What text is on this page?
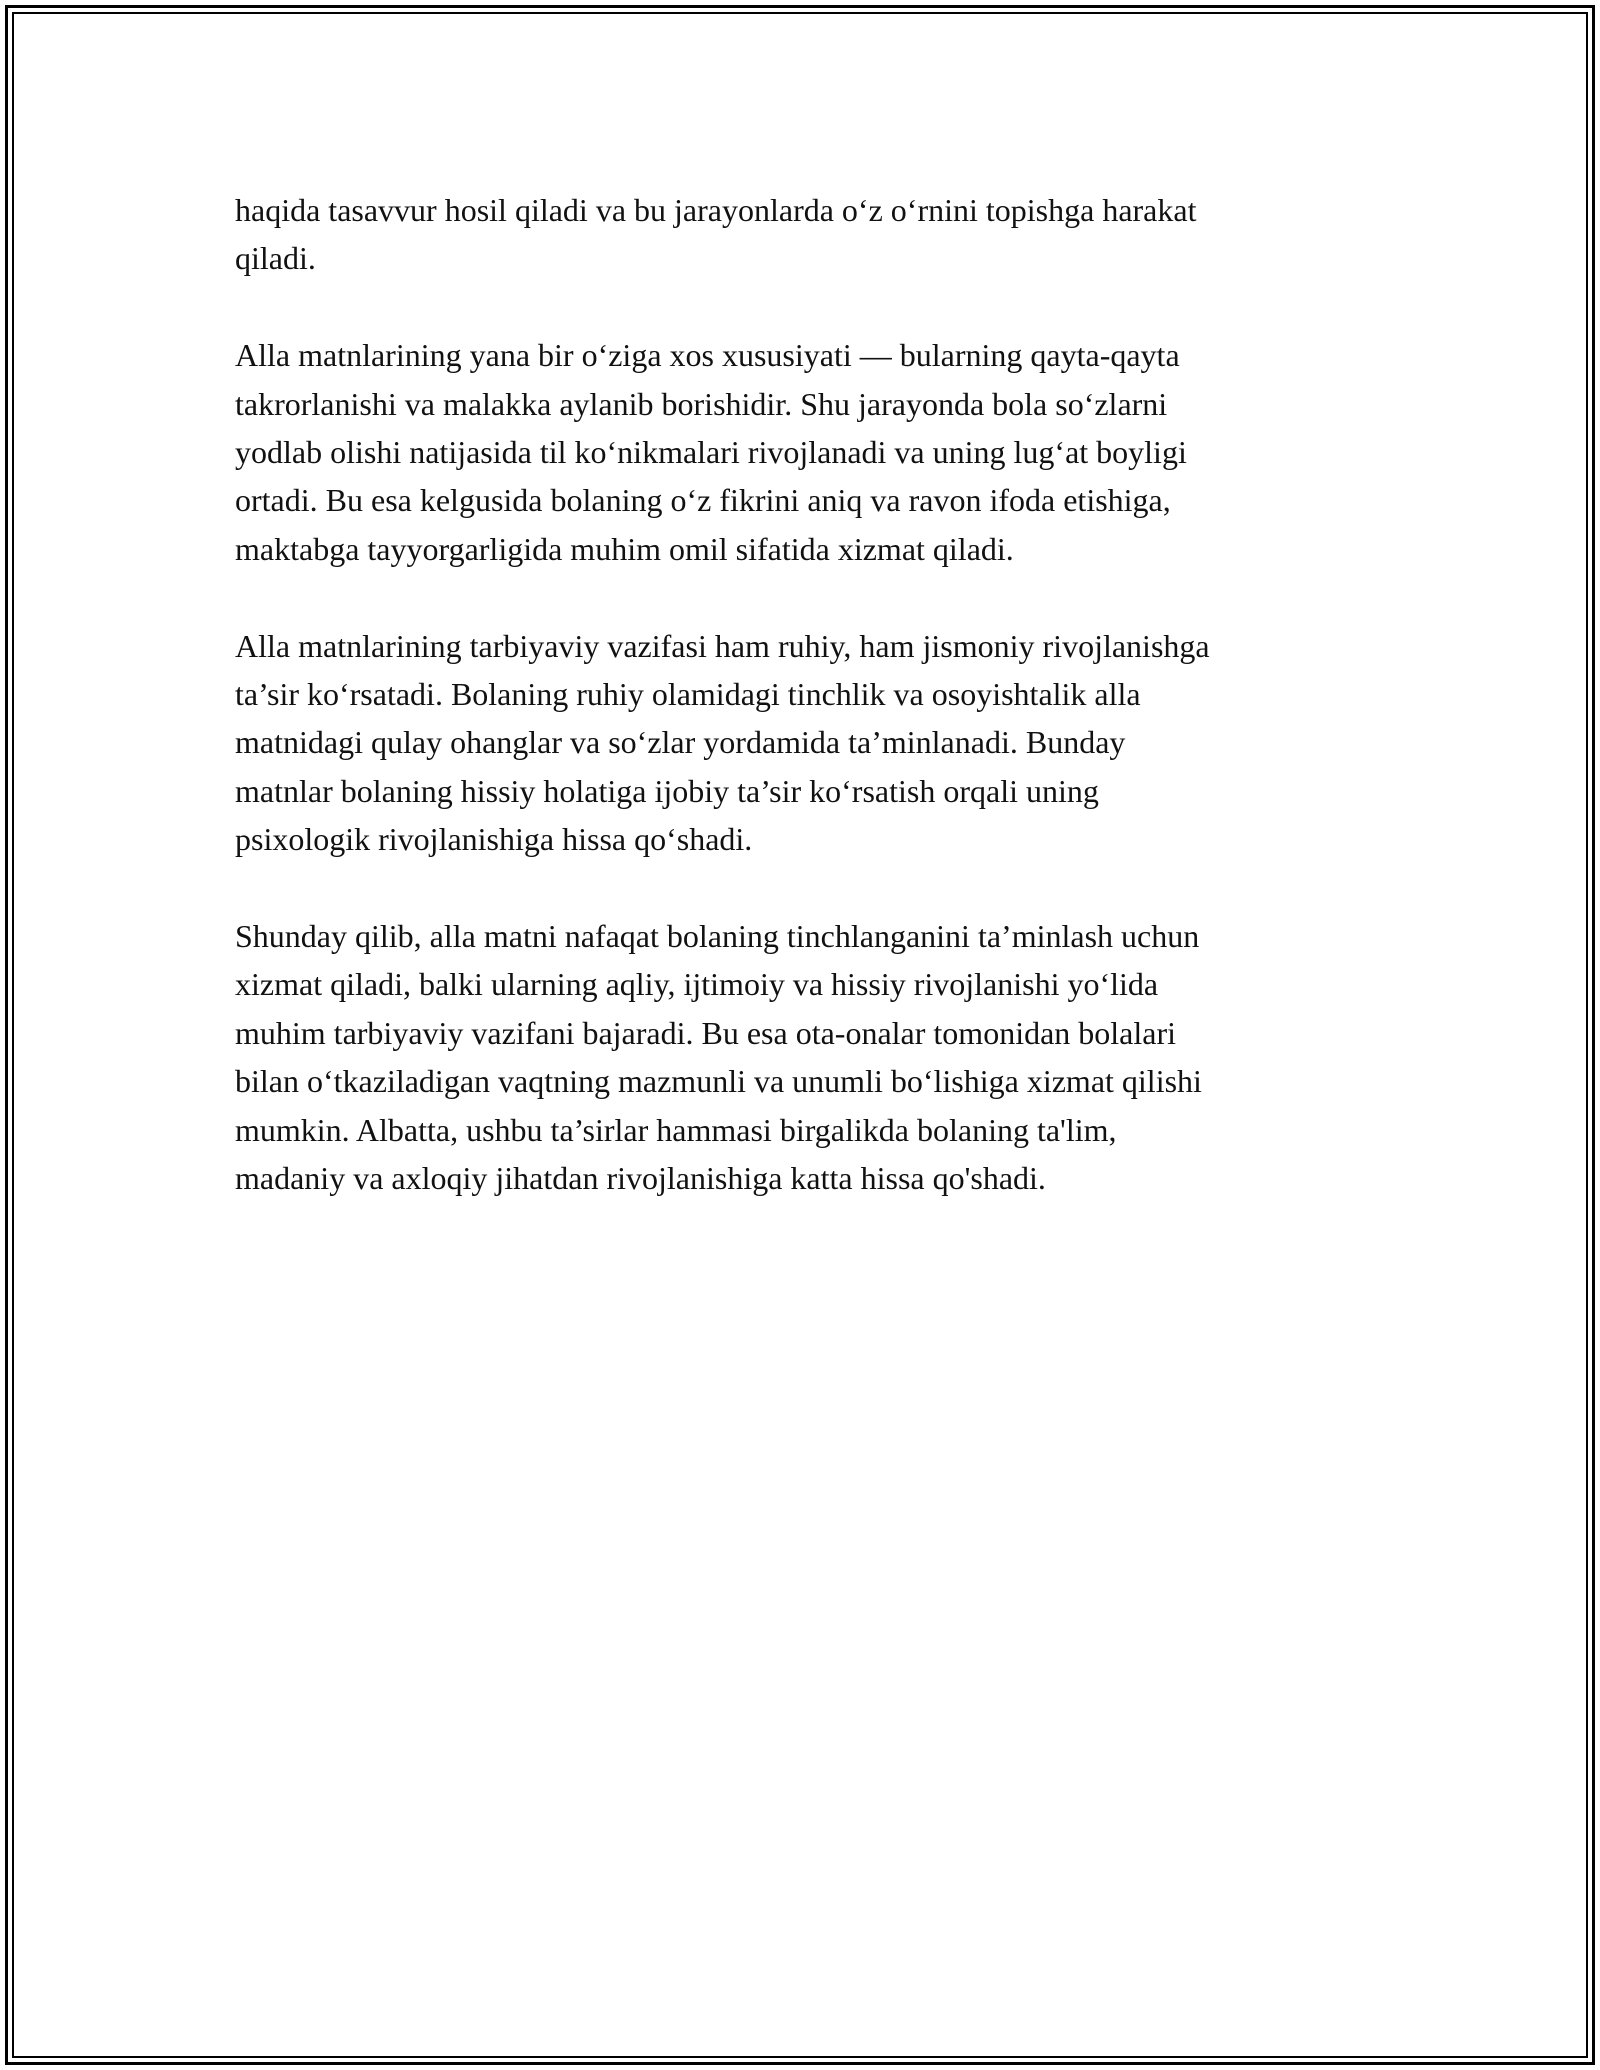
haqida tasavvur hosil qiladi va bu jarayonlarda o‘z o‘rnini topishga harakat
qiladi.

Alla matnlarining yana bir o‘ziga xos xususiyati — bularning qayta-qayta
takrorlanishi va malakka aylanib borishidir. Shu jarayonda bola so‘zlarni
yodlab olishi natijasida til ko‘nikmalari rivojlanadi va uning lug‘at boyligi
ortadi. Bu esa kelgusida bolaning o‘z fikrini aniq va ravon ifoda etishiga,
maktabga tayyorgarligida muhim omil sifatida xizmat qiladi.

Alla matnlarining tarbiyaviy vazifasi ham ruhiy, ham jismoniy rivojlanishga
ta’sir ko‘rsatadi. Bolaning ruhiy olamidagi tinchlik va osoyishtalik alla
matnidagi qulay ohanglar va so‘zlar yordamida ta’minlanadi. Bunday
matnlar bolaning hissiy holatiga ijobiy ta’sir ko‘rsatish orqali uning
psixologik rivojlanishiga hissa qo‘shadi.

Shunday qilib, alla matni nafaqat bolaning tinchlanganini ta’minlash uchun
xizmat qiladi, balki ularning aqliy, ijtimoiy va hissiy rivojlanishi yo‘lida
muhim tarbiyaviy vazifani bajaradi. Bu esa ota-onalar tomonidan bolalari
bilan o‘tkaziladigan vaqtning mazmunli va unumli bo‘lishiga xizmat qilishi
mumkin. Albatta, ushbu ta’sirlar hammasi birgalikda bolaning ta'lim,
madaniy va axloqiy jihatdan rivojlanishiga katta hissa qo'shadi.
